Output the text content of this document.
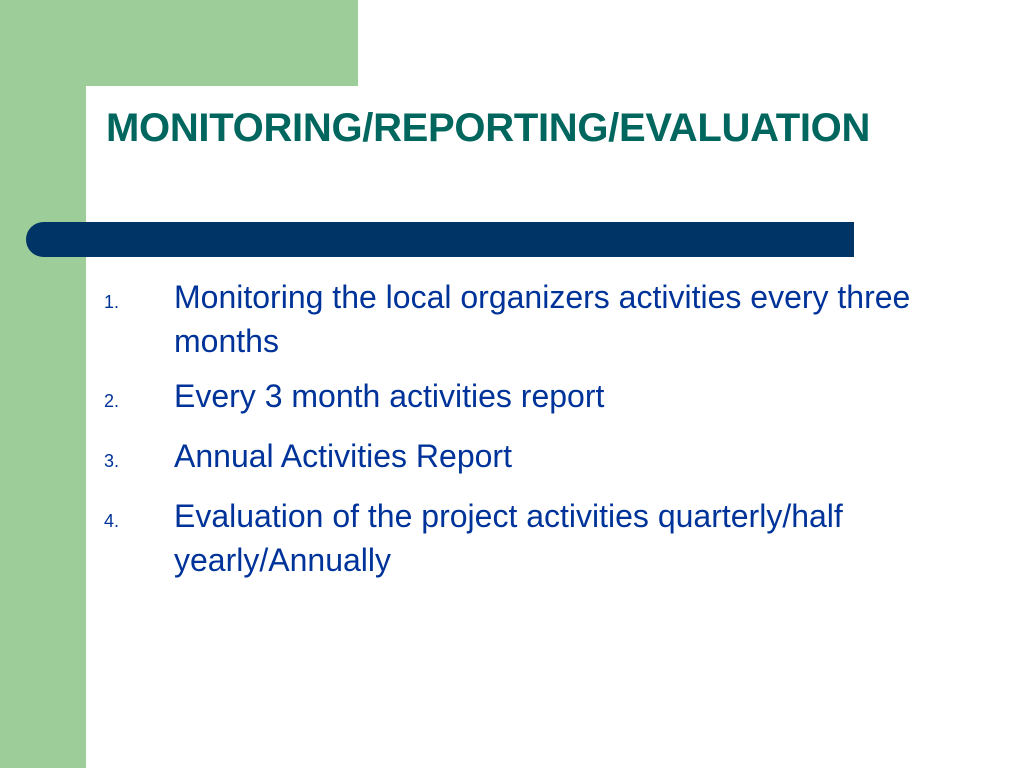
MONITORING/REPORTING/EVALUATION
1.	Monitoring the local organizers activities every three months
2.	Every 3 month activities report
3.	Annual Activities Report
4.	Evaluation of the project activities quarterly/half yearly/Annually
